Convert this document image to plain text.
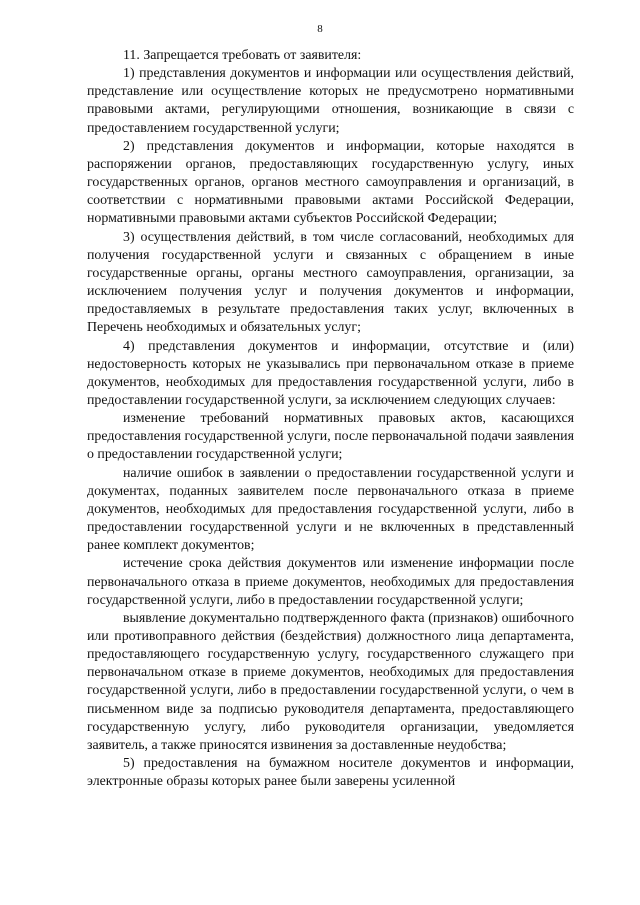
8

11. Запрещается требовать от заявителя:

1) представления документов и информации или осуществления действий, представление или осуществление которых не предусмотрено нормативными правовыми актами, регулирующими отношения, возникающие в связи с предоставлением государственной услуги;

2) представления документов и информации, которые находятся в распоряжении органов, предоставляющих государственную услугу, иных государственных органов, органов местного самоуправления и организаций, в соответствии с нормативными правовыми актами Российской Федерации, нормативными правовыми актами субъектов Российской Федерации;

3) осуществления действий, в том числе согласований, необходимых для получения государственной услуги и связанных с обращением в иные государственные органы, органы местного самоуправления, организации, за исключением получения услуг и получения документов и информации, предоставляемых в результате предоставления таких услуг, включенных в Перечень необходимых и обязательных услуг;

4) представления документов и информации, отсутствие и (или) недостоверность которых не указывались при первоначальном отказе в приеме документов, необходимых для предоставления государственной услуги, либо в предоставлении государственной услуги, за исключением следующих случаев:

изменение требований нормативных правовых актов, касающихся предоставления государственной услуги, после первоначальной подачи заявления о предоставлении государственной услуги;

наличие ошибок в заявлении о предоставлении государственной услуги и документах, поданных заявителем после первоначального отказа в приеме документов, необходимых для предоставления государственной услуги, либо в предоставлении государственной услуги и не включенных в представленный ранее комплект документов;

истечение срока действия документов или изменение информации после первоначального отказа в приеме документов, необходимых для предоставления государственной услуги, либо в предоставлении государственной услуги;

выявление документально подтвержденного факта (признаков) ошибочного или противоправного действия (бездействия) должностного лица департамента, предоставляющего государственную услугу, государственного служащего при первоначальном отказе в приеме документов, необходимых для предоставления государственной услуги, либо в предоставлении государственной услуги, о чем в письменном виде за подписью руководителя департамента, предоставляющего государственную услугу, либо руководителя организации, уведомляется заявитель, а также приносятся извинения за доставленные неудобства;

5) предоставления на бумажном носителе документов и информации, электронные образы которых ранее были заверены усиленной
